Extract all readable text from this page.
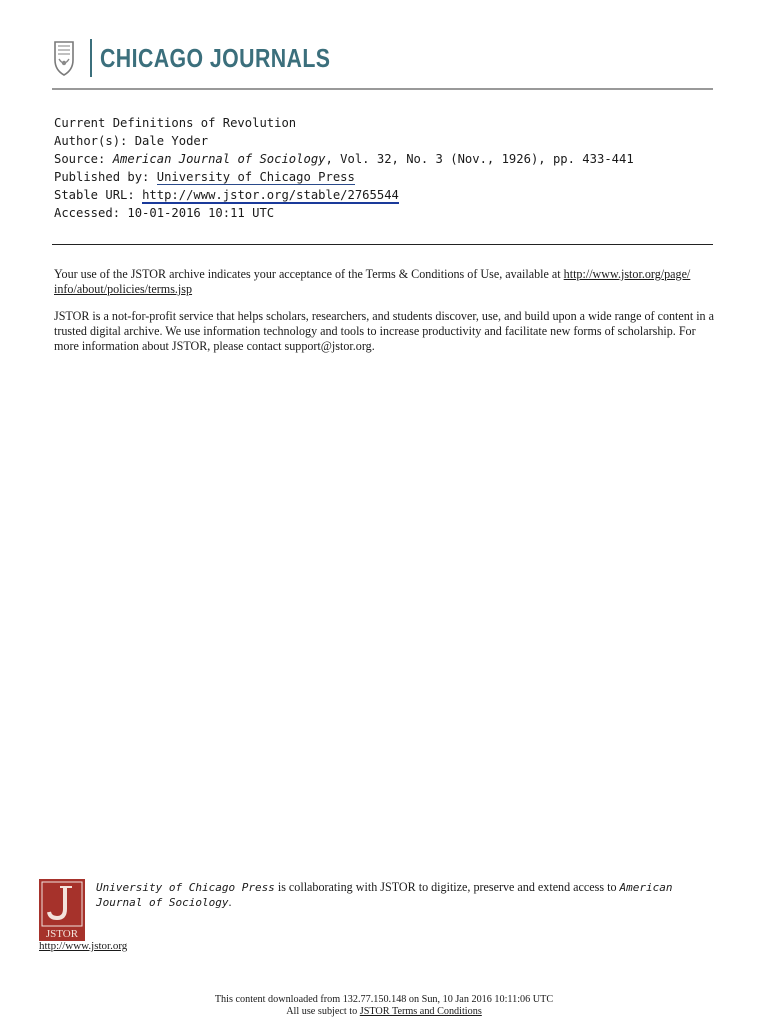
CHICAGO JOURNALS
Current Definitions of Revolution
Author(s): Dale Yoder
Source: American Journal of Sociology, Vol. 32, No. 3 (Nov., 1926), pp. 433-441
Published by: University of Chicago Press
Stable URL: http://www.jstor.org/stable/2765544
Accessed: 10-01-2016 10:11 UTC
Your use of the JSTOR archive indicates your acceptance of the Terms & Conditions of Use, available at http://www.jstor.org/page/
info/about/policies/terms.jsp
JSTOR is a not-for-profit service that helps scholars, researchers, and students discover, use, and build upon a wide range of content in a trusted digital archive. We use information technology and tools to increase productivity and facilitate new forms of scholarship. For more information about JSTOR, please contact support@jstor.org.
JSTOR
http://www.jstor.org
University of Chicago Press is collaborating with JSTOR to digitize, preserve and extend access to American Journal of Sociology.
This content downloaded from 132.77.150.148 on Sun, 10 Jan 2016 10:11:06 UTC
All use subject to JSTOR Terms and Conditions
